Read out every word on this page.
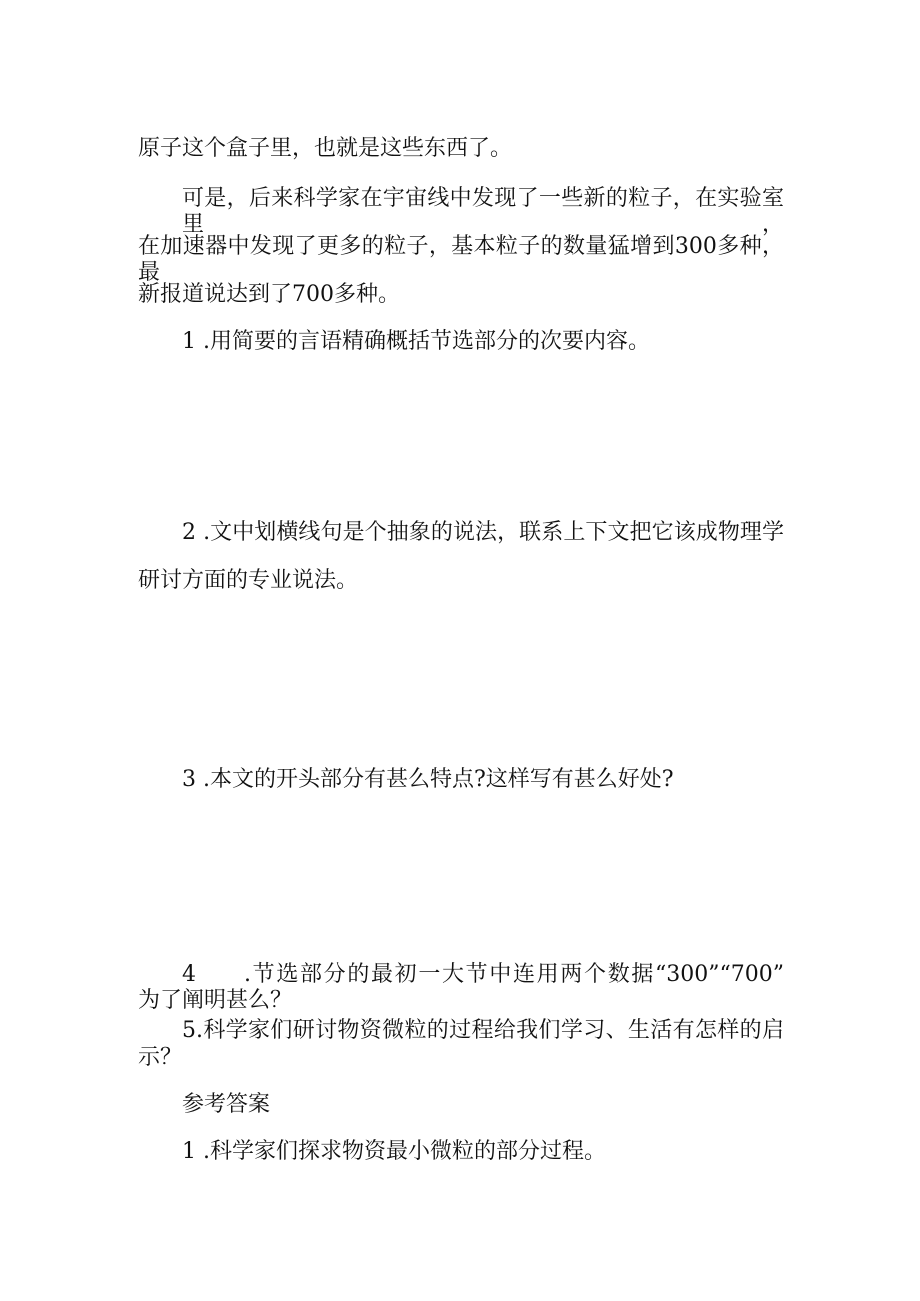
原子这个盒子里，也就是这些东西了。

可是，后来科学家在宇宙线中发现了一些新的粒子，在实验室里，

在加速器中发现了更多的粒子，基本粒子的数量猛增到300多种，最

新报道说达到了700多种。

1 .用简要的言语精确概括节选部分的次要内容。

2 .文中划横线句是个抽象的说法，联系上下文把它该成物理学

研讨方面的专业说法。

3 .本文的开头部分有甚么特点?这样写有甚么好处?

4 .节选部分的最初一大节中连用两个数据“300”“700”

为了阐明甚么？

5.科学家们研讨物资微粒的过程给我们学习、生活有怎样的启

示？

参考答案

1 .科学家们探求物资最小微粒的部分过程。
